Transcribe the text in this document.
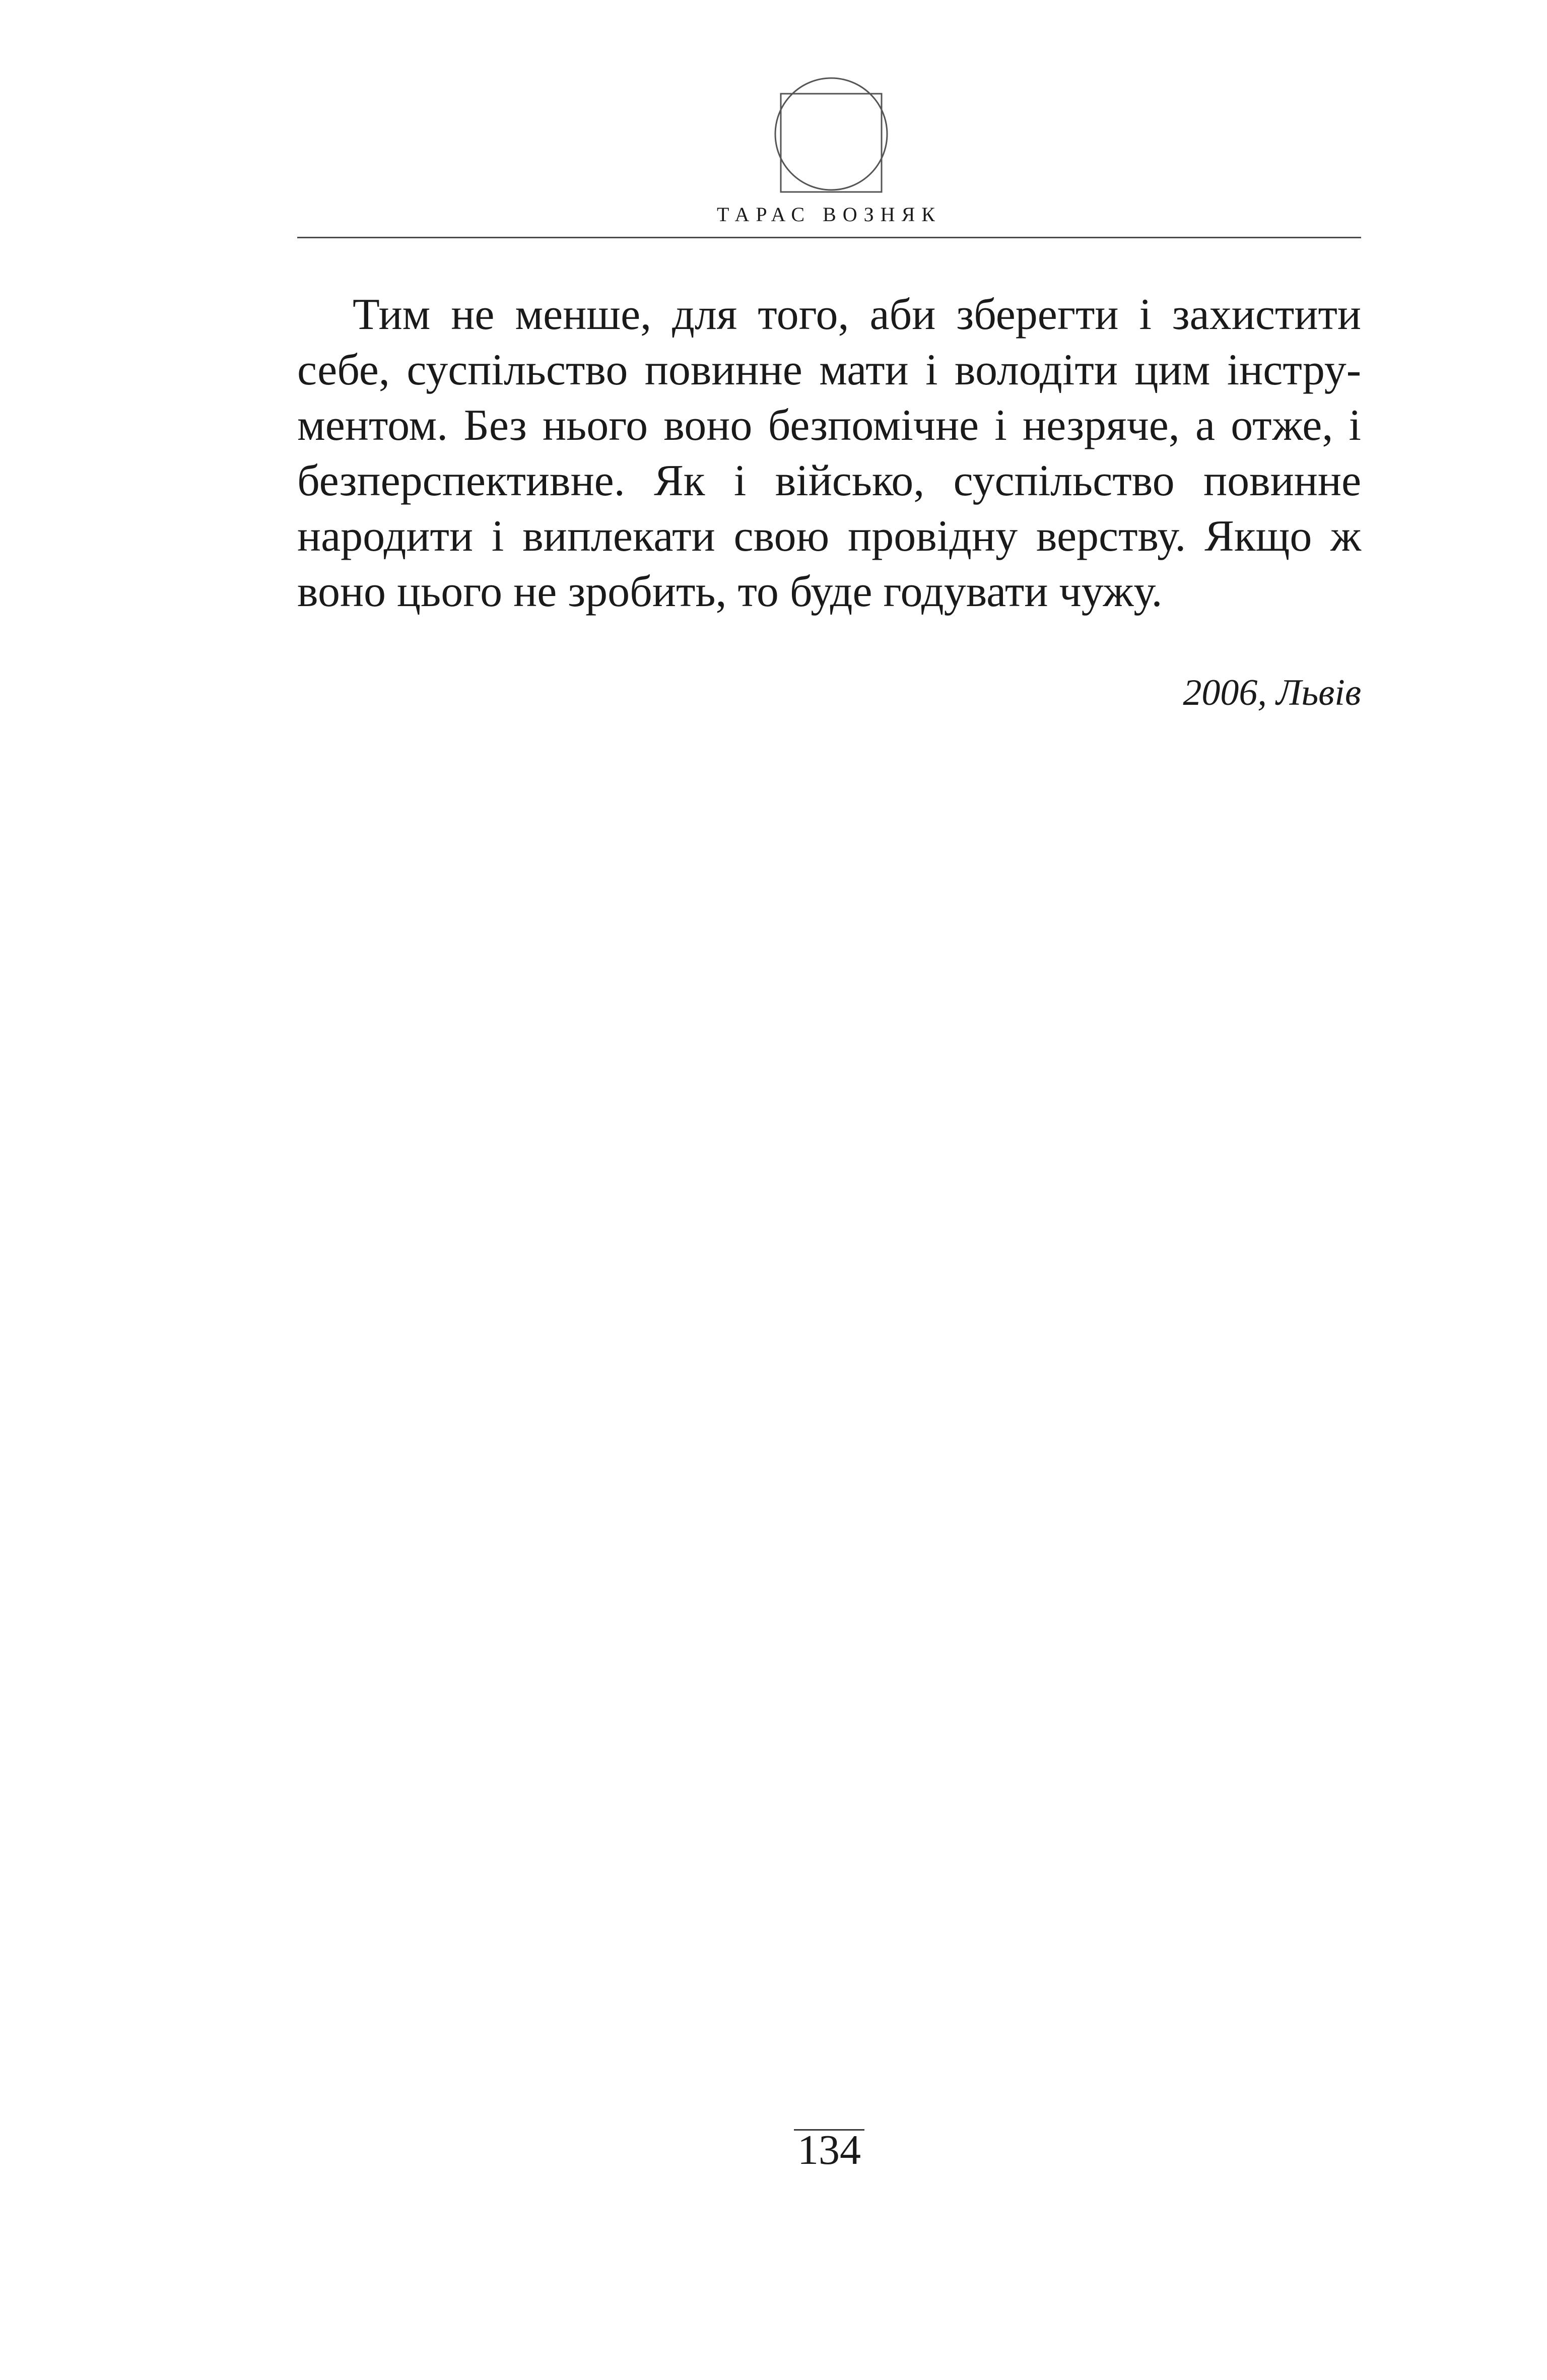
ТАРАС ВОЗНЯК

Тим не менше, для того, аби зберегти і захистити себе, суспільство повинне мати і володіти цим інструментом. Без нього воно безпомічне і незряче, а отже, і безперспективне. Як і військо, суспільство повинне народити і виплекати свою провідну верству. Якщо ж воно цього не зробить, то буде годувати чужу.

2006, Львів
134
